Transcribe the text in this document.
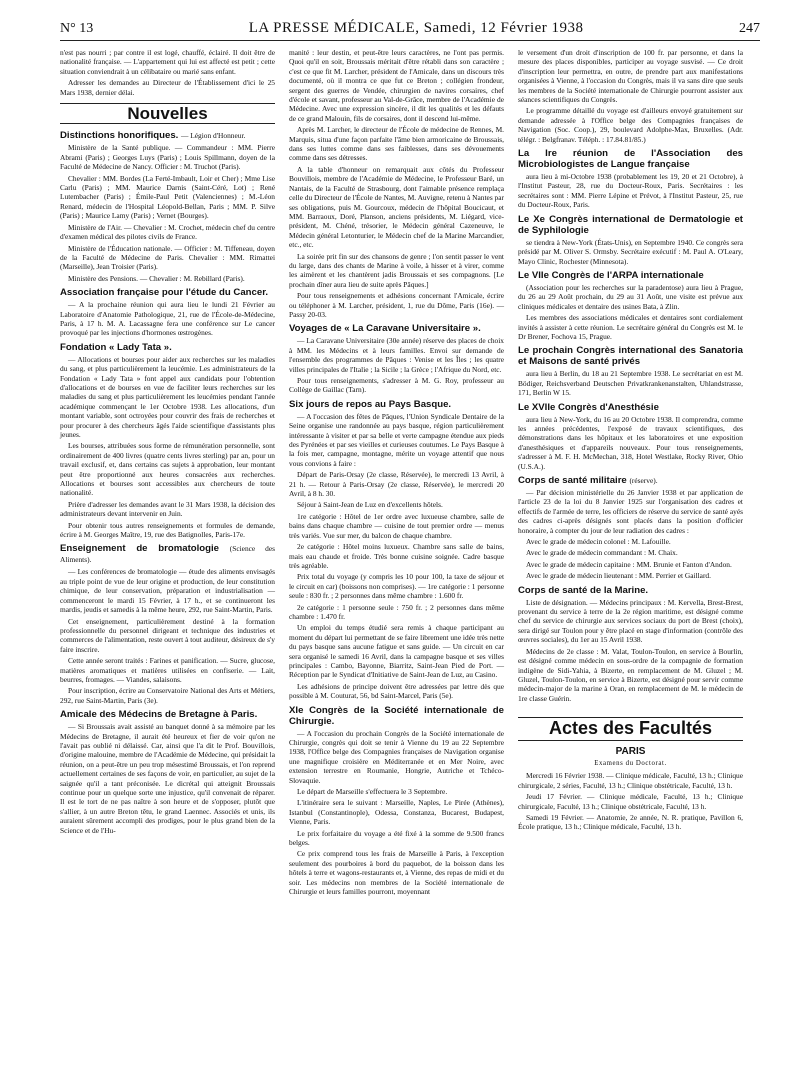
N° 13	LA PRESSE MÉDICALE, Samedi, 12 Février 1938	247

n'est pas nourri ; par contre il est logé, chauffé, éclairé. Il doit être de nationalité française. — L'appartement qui lui est affecté est petit ; cette situation conviendrait à un célibataire ou marié sans enfant.

Adresser les demandes au Directeur de l'Établissement d'ici le 25 Mars 1938, dernier délai.

Nouvelles
Distinctions honorifiques. — Légion d'Honneur.

Ministère de la Santé publique. — Commandeur : MM. Pierre Abrami (Paris) ; Georges Luys (Paris) ; Louis Spillmann, doyen de la Faculté de Médecine de Nancy. Officier : M. Truchot (Paris).

Chevalier : MM. Bordes (La Ferté-Imbault, Loir et Cher) ; Mme Lise Carlu (Paris) ; MM. Maurice Darnis (Saint-Céré, Lot) ; René Lutembacher (Paris) ; Émile-Paul Petit (Valenciennes) ; M.-Léon Renard, médecin de l'Hospital Léopold-Bellan, Paris ; MM. P. Silve (Paris) ; Maurice Lamy (Paris) ; Vernet (Bourges).

Ministère de l'Air. — Chevalier : M. Crochet, médecin chef du centre d'examen médical des pilotes civils de France.

Ministère de l'Éducation nationale. — Officier : M. Tiffeneau, doyen de la Faculté de Médecine de Paris. Chevalier : MM. Rimattei (Marseille), Jean Troisier (Paris).

Ministère des Pensions. — Chevalier : M. Rebillard (Paris).

Association française pour l'étude du Cancer.

— A la prochaine réunion qui aura lieu le lundi 21 Février au Laboratoire d'Anatomie Pathologique, 21, rue de l'École-de-Médecine, Paris, à 17 h. M. A. Lacassagne fera une conférence sur Le cancer provoqué par les injections d'hormones œstrogènes.

Fondation « Lady Tata ».

— Allocations et bourses pour aider aux recherches sur les maladies du sang, et plus particulièrement la leucémie. Les administrateurs de la Fondation « Lady Tata » font appel aux candidats pour l'obtention d'allocations et de bourses en vue de faciliter leurs recherches sur les maladies du sang et plus particulièrement les leucémies pendant l'année académique commençant le 1er Octobre 1938. Les allocations, d'un montant variable, sont octroyées pour couvrir des frais de recherches et pour procurer à des chercheurs âgés l'aide scientifique d'assistants plus jeunes.

Les bourses, attribuées sous forme de rémunération personnelle, sont ordinairement de 400 livres (quatre cents livres sterling) par an, pour un travail exclusif, et, dans certains cas sujets à approbation, leur montant peut être proportionné aux heures consacrées aux recherches. Allocations et bourses sont accessibles aux chercheurs de toute nationalité.

Prière d'adresser les demandes avant le 31 Mars 1938, la décision des administrateurs devant intervenir en Juin.

Pour obtenir tous autres renseignements et formules de demande, écrire à M. Georges Maître, 19, rue des Batignolles, Paris-17e.

Enseignement de bromatologie (Science des Aliments).

— Les conférences de bromatologie — étude des aliments envisagés au triple point de vue de leur origine et production, de leur constitution chimique, de leur conservation, préparation et industrialisation — commenceront le mardi 15 Février, à 17 h., et se continueront les mardis, jeudis et samedis à la même heure, 292, rue Saint-Martin, Paris.

Cet enseignement, particulièrement destiné à la formation professionnelle du personnel dirigeant et technique des industries et commerces de l'alimentation, reste ouvert à tout auditeur, désireux de s'y faire inscrire.

Cette année seront traités : Farines et panification. — Sucre, glucose, matières aromatiques et matières utilisées en confiserie. — Lait, beurres, fromages. — Viandes, salaisons.

Pour inscription, écrire au Conservatoire National des Arts et Métiers, 292, rue Saint-Martin, Paris (3e).

Amicale des Médecins de Bretagne à Paris.

— Si Broussais avait assisté au banquet donné à sa mémoire par les Médecins de Bretagne, il aurait été heureux et fier de voir qu'on ne l'avait pas oublié ni délaissé. Car, ainsi que l'a dit le Prof. Bouvillois, d'origine malouine, membre de l'Académie de Médecine, qui présidait la réunion, on a peut-être un peu trop mésestimé Broussais, et l'on reprend actuellement certaines de ses façons de voir, en particulier, au sujet de la saignée qu'il a tant préconisée. Le dicrétal qui atteignit Broussais continue pour un quelque sorte une injustice, qu'il convenait de réparer. Il est le tort de ne pas naître à son heure et de s'opposer, plutôt que s'allier, à un autre Breton têtu, le grand Laennec. Associés et unis, ils auraient sûrement accompli des prodiges, pour le plus grand bien de la Science et de l'Hu-

manité : leur destin, et peut-être leurs caractères, ne l'ont pas permis. Quoi qu'il en soit, Broussais méritait d'être rétabli dans son caractère ; c'est ce que fit M. Larcher, président de l'Amicale, dans un discours très documenté, où il montra ce que fut ce Breton ; collégien frondeur, sergent des guerres de Vendée, chirurgien de navires corsaires, chef d'école et savant, professeur au Val-de-Grâce, membre de l'Académie de Médecine. Avec une expression sincère, il dit les qualités et les défauts de ce grand Malouin, fils de corsaires, dont il descend lui-même.

Après M. Larcher, le directeur de l'École de médecine de Rennes, M. Marquis, situa d'une façon parfaite l'âme bien armoricaine de Broussais, dans ses luttes comme dans ses faiblesses, dans ses dévouements comme dans ses détresses.

A la table d'honneur on remarquait aux côtés du Professeur Bouvillois, membre de l'Académie de Médecine, le Professeur Baré, un Nantais, de la Faculté de Strasbourg, dont l'aimable présence remplaça celle du Directeur de l'École de Nantes, M. Auvigne, retenu à Nantes par ses obligations, puis M. Gourcoux, médecin de l'hôpital Boucicaut, et MM. Barraoux, Doré, Planson, anciens présidents, M. Liégard, vice-président, M. Chéné, trésorier, le Médecin général Cazeneuve, le Médecin général Letonturier, le Médecin chef de la Marine Marcandier, etc., etc.

La soirée prit fin sur des chansons de genre ; l'on sentit passer le vent du large, dans des chants de Marine à voile, à hisser et à virer, comme les aimèrent et les chantèrent jadis Broussais et ses compagnons. [Le prochain dîner aura lieu de suite après Pâques.]

Pour tous renseignements et adhésions concernant l'Amicale, écrire ou téléphoner à M. Larcher, président, 1, rue du Dôme, Paris (16e). — Passy 20-03.

Voyages de « La Caravane Universitaire ».

— La Caravane Universitaire (30e année) réserve des places de choix à MM. les Médecins et à leurs familles. Envoi sur demande de l'ensemble des programmes de Pâques : Venise et les Îles ; les quatre villes principales de l'Italie ; la Sicile ; la Grèce ; l'Afrique du Nord, etc.

Pour tous renseignements, s'adresser à M. G. Roy, professeur au Collège de Gaillac (Tarn).

Six jours de repos au Pays Basque.

— A l'occasion des fêtes de Pâques, l'Union Syndicale Dentaire de la Seine organise une randonnée au pays basque, région particulièrement intéressante à visiter et par sa belle et verte campagne étendue aux pieds des Pyrénées et par ses vieilles et curieuses coutumes. Le Pays Basque à la fois mer, campagne, montagne, mérite un voyage attentif que nous vous convions à faire :

Départ de Paris-Orsay (2e classe, Réservée), le mercredi 13 Avril, à 21 h. — Retour à Paris-Orsay (2e classe, Réservée), le mercredi 20 Avril, à 8 h. 30.

Séjour à Saint-Jean de Luz en d'excellents hôtels.

1re catégorie : Hôtel de 1er ordre avec luxueuse chambre, salle de bains dans chaque chambre — cuisine de tout premier ordre — menus très variés. Vue sur mer, du balcon de chaque chambre.

2e catégorie : Hôtel moins luxueux. Chambre sans salle de bains, mais eau chaude et froide. Très bonne cuisine soignée. Cadre basque très agréable.

Prix total du voyage (y compris les 10 pour 100, la taxe de séjour et le circuit en car) (boissons non comprises). — 1re catégorie : 1 personne seule : 830 fr. ; 2 personnes dans même chambre : 1.600 fr.

2e catégorie : 1 personne seule : 750 fr. ; 2 personnes dans même chambre : 1.470 fr.

Un emploi du temps étudié sera remis à chaque participant au moment du départ lui permettant de se faire librement une idée très nette du pays basque sans aucune fatigue et sans guide. — Un circuit en car sera organisé le samedi 16 Avril, dans la campagne basque et ses villes principales : Cambo, Bayonne, Biarritz, Saint-Jean Pied de Port. — Réception par le Syndicat d'Initiative de Saint-Jean de Luz, au Casino.

Les adhésions de principe doivent être adressées par lettre dès que possible à M. Couturat, 56, bd Saint-Marcel, Paris (5e).

XIe Congrès de la Société internationale de Chirurgie.

— A l'occasion du prochain Congrès de la Société internationale de Chirurgie, congrès qui doit se tenir à Vienne du 19 au 22 Septembre 1938, l'Office belge des Compagnies françaises de Navigation organise une magnifique croisière en Méditerranée et en Mer Noire, avec extension terrestre en Roumanie, Hongrie, Autriche et Tchéco-Slovaquie.

Le départ de Marseille s'effectuera le 3 Septembre.

L'itinéraire sera le suivant : Marseille, Naples, Le Pirée (Athènes), Istanbul (Constantinople), Odessa, Constanza, Bucarest, Budapest, Vienne, Paris.

Le prix forfaitaire du voyage a été fixé à la somme de 9.500 francs belges.

Ce prix comprend tous les frais de Marseille à Paris, à l'exception seulement des pourboires à bord du paquebot, de la boisson dans les hôtels à terre et wagons-restaurants et, à Vienne, des repas de midi et du soir. Les médecins non membres de la Société internationale de Chirurgie et leurs familles pourront, moyennant

le versement d'un droit d'inscription de 100 fr. par personne, et dans la mesure des places disponibles, participer au voyage susvisé. — Ce droit d'inscription leur permettra, en outre, de prendre part aux manifestations organisées à Vienne, à l'occasion du Congrès, mais il va sans dire que seuls les membres de la Société internationale de Chirurgie pourront assister aux séances scientifiques du Congrès.

Le programme détaillé du voyage est d'ailleurs envoyé gratuitement sur demande adressée à l'Office belge des Compagnies françaises de Navigation (Soc. Coop.), 29, boulevard Adolphe-Max, Bruxelles. (Adr. télégr. : Belgfranav. Téléph. : 17.84.81/85.)

La Ire réunion de l'Association des Microbiologistes de Langue française

aura lieu à mi-Octobre 1938 (probablement les 19, 20 et 21 Octobre), à l'Institut Pasteur, 28, rue du Docteur-Roux, Paris. Secrétaires : les secrétaires sont : MM. Pierre Lépine et Prévot, à l'Institut Pasteur, 25, rue du Docteur-Roux, Paris.

Le Xe Congrès international de Dermatologie et de Syphilologie

se tiendra à New-York (États-Unis), en Septembre 1940. Ce congrès sera présidé par M. Oliver S. Ormsby. Secrétaire exécutif : M. Paul A. O'Leary, Mayo Clinic, Rochester (Minnesota).

Le VIIe Congrès de l'ARPA internationale

(Association pour les recherches sur la paradentose) aura lieu à Prague, du 26 au 29 Août prochain, du 29 au 31 Août, une visite est prévue aux cliniques médicales et dentaire des usines Bata, à Zlin.

Les membres des associations médicales et dentaires sont cordialement invités à assister à cette réunion. Le secrétaire général du Congrès est M. le Dr Brener, Fochova 15, Prague.

Le prochain Congrès international des Sanatoria et Maisons de santé privés

aura lieu à Berlin, du 18 au 21 Septembre 1938. Le secrétariat en est M. Bödiger, Reichsverband Deutschen Privatkrankenanstalten, Uhlandstrasse, 171, Berlin W 15.

Le XVIIe Congrès d'Anesthésie

aura lieu à New-York, du 16 au 20 Octobre 1938. Il comprendra, comme les années précédentes, l'exposé de travaux scientifiques, des démonstrations dans les hôpitaux et les laboratoires et une exposition d'anesthésiques et d'appareils nouveaux. Pour tous renseignements, s'adresser à M. F. H. McMechan, 318, Hotel Westlake, Rocky River, Ohio (U.S.A.).

Corps de santé militaire (réserve).

— Par décision ministérielle du 26 Janvier 1938 et par application de l'article 23 de la loi du 8 Janvier 1925 sur l'organisation des cadres et effectifs de l'armée de terre, les officiers de réserve du service de santé ayés des cadres ci-après désignés sont placés dans la position d'officier honoraire, à compter du jour de leur radiation des cadres :

Avec le grade de médecin colonel : M. Lafouille.

Avec le grade de médecin commandant : M. Chaix.

Avec le grade de médecin capitaine : MM. Brunie et Fanton d'Andon.

Avec le grade de médecin lieutenant : MM. Perrier et Gaillard.

Corps de santé de la Marine.

Liste de désignation. — Médecins principaux : M. Kervella, Brest-Brest, provenant du service à terre de la 2e région maritime, est désigné comme chef du service de chirurgie aux services sociaux du port de Brest (choix), sera dirigé sur Toulon pour y être placé en stage d'information (contrôle des œuvres sociales), du 1er au 15 Avril 1938.

Médecins de 2e classe : M. Valat, Toulon-Toulon, en service à Bourlin, est désigné comme médecin en sous-ordre de la compagnie de formation indigène de Sidi-Yahia, à Bizerte, en remplacement de M. Gluzel ; M. Gluzel, Toulon-Toulon, en service à Bizerte, est désigné pour servir comme médecin-major de la marine à Oran, en remplacement de M. le médecin de 1re classe Guérin.

Actes des Facultés
PARIS
Examens du Doctorat.

Mercredi 16 Février 1938. — Clinique médicale, Faculté, 13 h.; Clinique chirurgicale, 2 séries, Faculté, 13 h.; Clinique obstétricale, Faculté, 13 h.

Jeudi 17 Février. — Clinique médicale, Faculté, 13 h.; Clinique chirurgicale, Faculté, 13 h.; Clinique obstétricale, Faculté, 13 h.

Samedi 19 Février. — Anatomie, 2e année, N. R. pratique, Pavillon 6, École pratique, 13 h.; Clinique médicale, Faculté, 13 h.
